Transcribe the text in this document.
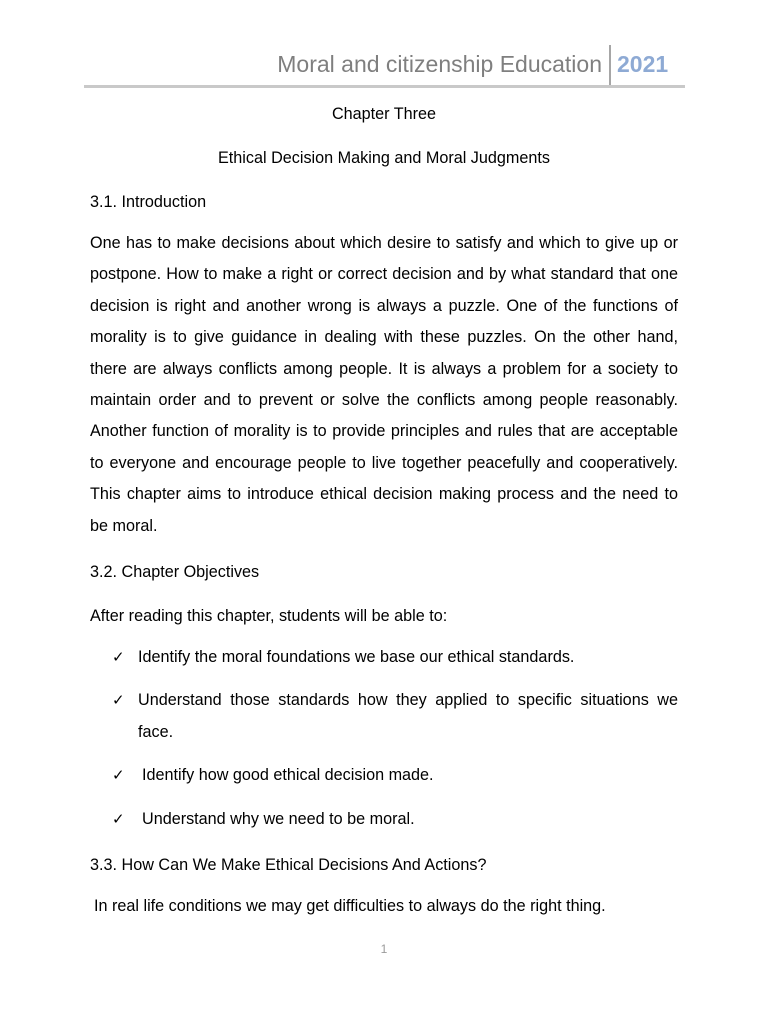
Moral and citizenship Education 2021

Chapter Three

Ethical Decision Making and Moral Judgments

3.1. Introduction

One has to make decisions about which desire to satisfy and which to give up or postpone. How to make a right or correct decision and by what standard that one decision is right and another wrong is always a puzzle. One of the functions of morality is to give guidance in dealing with these puzzles. On the other hand, there are always conflicts among people. It is always a problem for a society to maintain order and to prevent or solve the conflicts among people reasonably. Another function of morality is to provide principles and rules that are acceptable to everyone and encourage people to live together peacefully and cooperatively. This chapter aims to introduce ethical decision making process and the need to be moral.

3.2. Chapter Objectives

After reading this chapter, students will be able to:

✓ Identify the moral foundations we base our ethical standards.
✓ Understand those standards how they applied to specific situations we face.
✓ Identify how good ethical decision made.
✓ Understand why we need to be moral.

3.3. How Can We Make Ethical Decisions And Actions?

In real life conditions we may get difficulties to always do the right thing.

1
